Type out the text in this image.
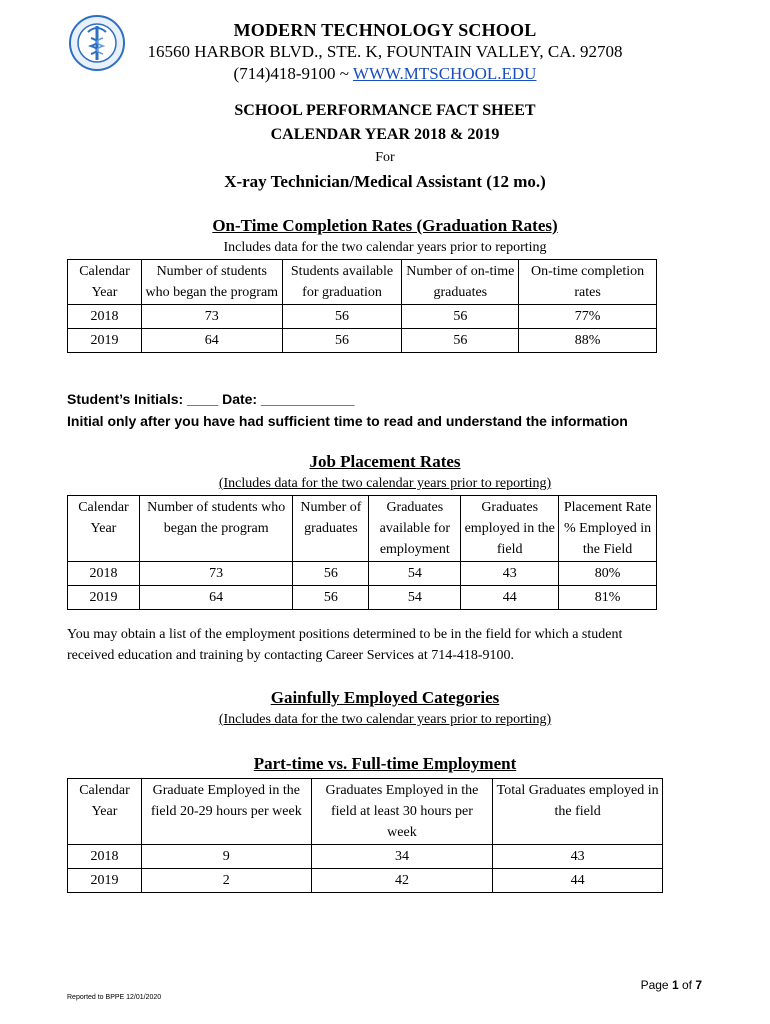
MODERN TECHNOLOGY SCHOOL
16560 HARBOR BLVD., STE. K, FOUNTAIN VALLEY, CA. 92708
(714)418-9100 ~ WWW.MTSCHOOL.EDU
SCHOOL PERFORMANCE FACT SHEET
CALENDAR YEAR 2018 & 2019
For
X-ray Technician/Medical Assistant (12 mo.)
On-Time Completion Rates (Graduation Rates)
Includes data for the two calendar years prior to reporting
Calendar Year	Number of students who began the program	Students available for graduation	Number of on-time graduates	On-time completion rates
2018	73	56	56	77%
2019	64	56	56	88%
Student’s Initials: ____ Date: ____________
Initial only after you have had sufficient time to read and understand the information
Job Placement Rates
(Includes data for the two calendar years prior to reporting)
Calendar Year	Number of students who began the program	Number of graduates	Graduates available for employment	Graduates employed in the field	Placement Rate % Employed in the Field
2018	73	56	54	43	80%
2019	64	56	54	44	81%
You may obtain a list of the employment positions determined to be in the field for which a student received education and training by contacting Career Services at 714-418-9100.
Gainfully Employed Categories
(Includes data for the two calendar years prior to reporting)
Part-time vs. Full-time Employment
Calendar Year	Graduate Employed in the field 20-29 hours per week	Graduates Employed in the field at least 30 hours per week	Total Graduates employed in the field
2018	9	34	43
2019	2	42	44
Page 1 of 7
Reported to BPPE 12/01/2020
